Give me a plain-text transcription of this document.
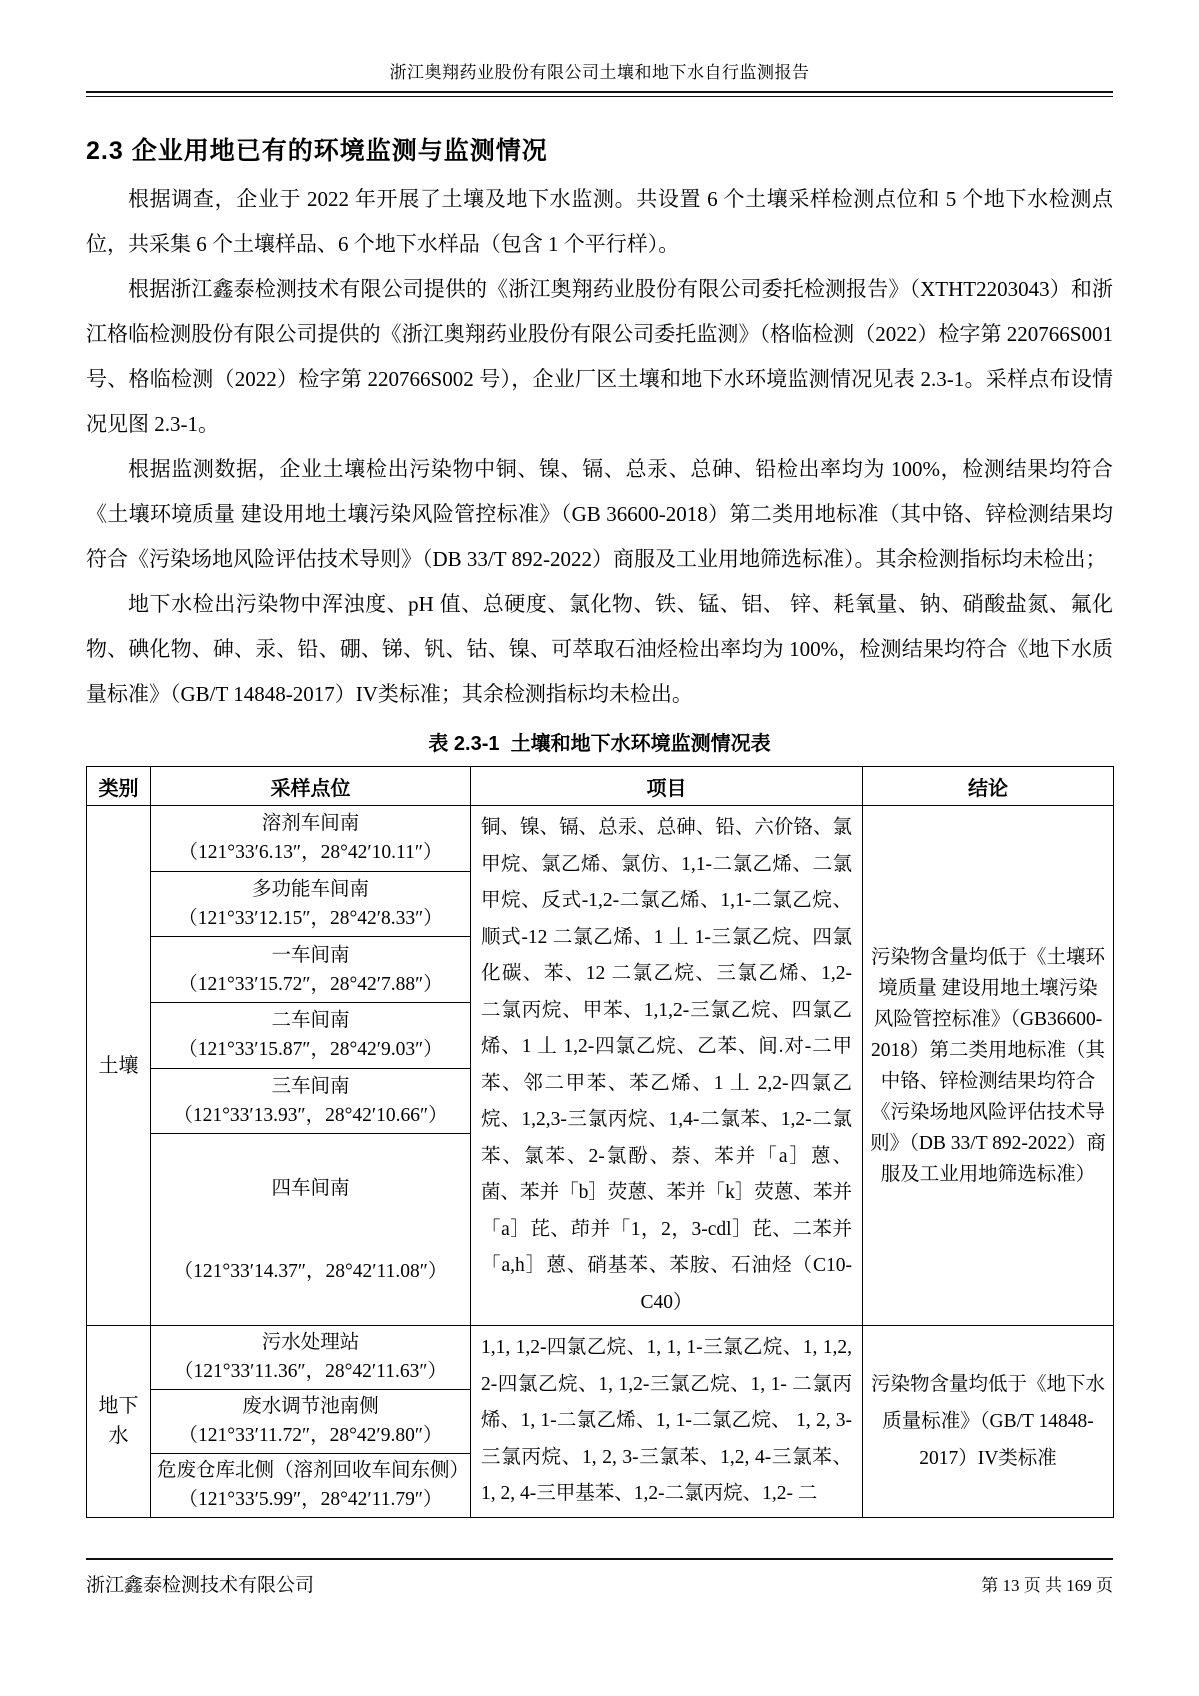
浙江奥翔药业股份有限公司土壤和地下水自行监测报告
2.3 企业用地已有的环境监测与监测情况

根据调查，企业于 2022 年开展了土壤及地下水监测。共设置 6 个土壤采样检测点位和 5 个地下水检测点位，共采集 6 个土壤样品、6 个地下水样品（包含 1 个平行样）。

根据浙江鑫泰检测技术有限公司提供的《浙江奥翔药业股份有限公司委托检测报告》（XTHT2203043）和浙江格临检测股份有限公司提供的《浙江奥翔药业股份有限公司委托监测》（格临检测（2022）检字第 220766S001 号、格临检测（2022）检字第 220766S002 号），企业厂区土壤和地下水环境监测情况见表 2.3-1。采样点布设情况见图 2.3-1。

根据监测数据，企业土壤检出污染物中铜、镍、镉、总汞、总砷、铅检出率均为 100%，检测结果均符合《土壤环境质量 建设用地土壤污染风险管控标准》（GB 36600-2018）第二类用地标准（其中铬、锌检测结果均符合《污染场地风险评估技术导则》（DB 33/T 892-2022）商服及工业用地筛选标准）。其余检测指标均未检出；

地下水检出污染物中浑浊度、pH 值、总硬度、氯化物、铁、锰、铝、 锌、耗氧量、钠、硝酸盐氮、氟化物、碘化物、砷、汞、铅、硼、锑、钒、钴、镍、可萃取石油烃检出率均为 100%，检测结果均符合《地下水质量标准》（GB/T 14848-2017）IV类标准；其余检测指标均未检出。

表 2.3-1  土壤和地下水环境监测情况表
类别	采样点位	项目	结论
土壤	溶剂车间南
（121°33′6.13″，28°42′10.11″）	铜、镍、镉、总汞、总砷、铅、六价铬、氯甲烷、氯乙烯、氯仿、1,1-二氯乙烯、二氯甲烷、反式-1,2-二氯乙烯、1,1-二氯乙烷、顺式-12 二氯乙烯、1 丄 1-三氯乙烷、四氯化碳、苯、12 二氯乙烷、三氯乙烯、1,2- 二氯丙烷、甲苯、1,1,2-三氯乙烷、四氯乙烯、1 丄 1,2-四氯乙烷、乙苯、间.对-二甲苯、邻二甲苯、苯乙烯、1 丄 2,2-四氯乙烷、1,2,3-三氯丙烷、1,4-二氯苯、1,2-二氯苯、氯苯、2-氯酚、萘、苯并「a］蒽、菌、苯并「b］荧蒽、苯并「k］荧蒽、苯并「a］芘、茚并「1，2，3-cdl］芘、二苯并「a,h］蒽、硝基苯、苯胺、石油烃（C10-C40）	污染物含量均低于《土壤环境质量 建设用地土壤污染风险管控标准》（GB36600-2018）第二类用地标准（其中铬、锌检测结果均符合《污染场地风险评估技术导则》（DB 33/T 892-2022）商服及工业用地筛选标准）

	多功能车间南
（121°33′12.15″，28°42′8.33″）		

	一车间南
（121°33′15.72″，28°42′7.88″）		

	二车间南
（121°33′15.87″，28°42′9.03″）		

	三车间南
（121°33′13.93″，28°42′10.66″）		

	四车间南
（121°33′14.37″，28°42′11.08″）		

地下水	污水处理站
（121°33′11.36″，28°42′11.63″）	1,1, 1,2-四氯乙烷、1, 1, 1-三氯乙烷、1, 1,2, 2-四氯乙烷、1, 1,2-三氯乙烷、1, 1- 二氯丙烯、1, 1-二氯乙烯、1, 1-二氯乙烷、 1, 2, 3-三氯丙烷、1, 2, 3-三氯苯、1,2, 4-三氯苯、1, 2, 4-三甲基苯、1,2-二氯丙烷、1,2- 二	污染物含量均低于《地下水质量标准》（GB/T 14848-2017）IV类标准

	废水调节池南侧
（121°33′11.72″，28°42′9.80″）		

	危废仓库北侧（溶剂回收车间东侧）
（121°33′5.99″，28°42′11.79″）		
浙江鑫泰检测技术有限公司	第 13 页 共 169 页
